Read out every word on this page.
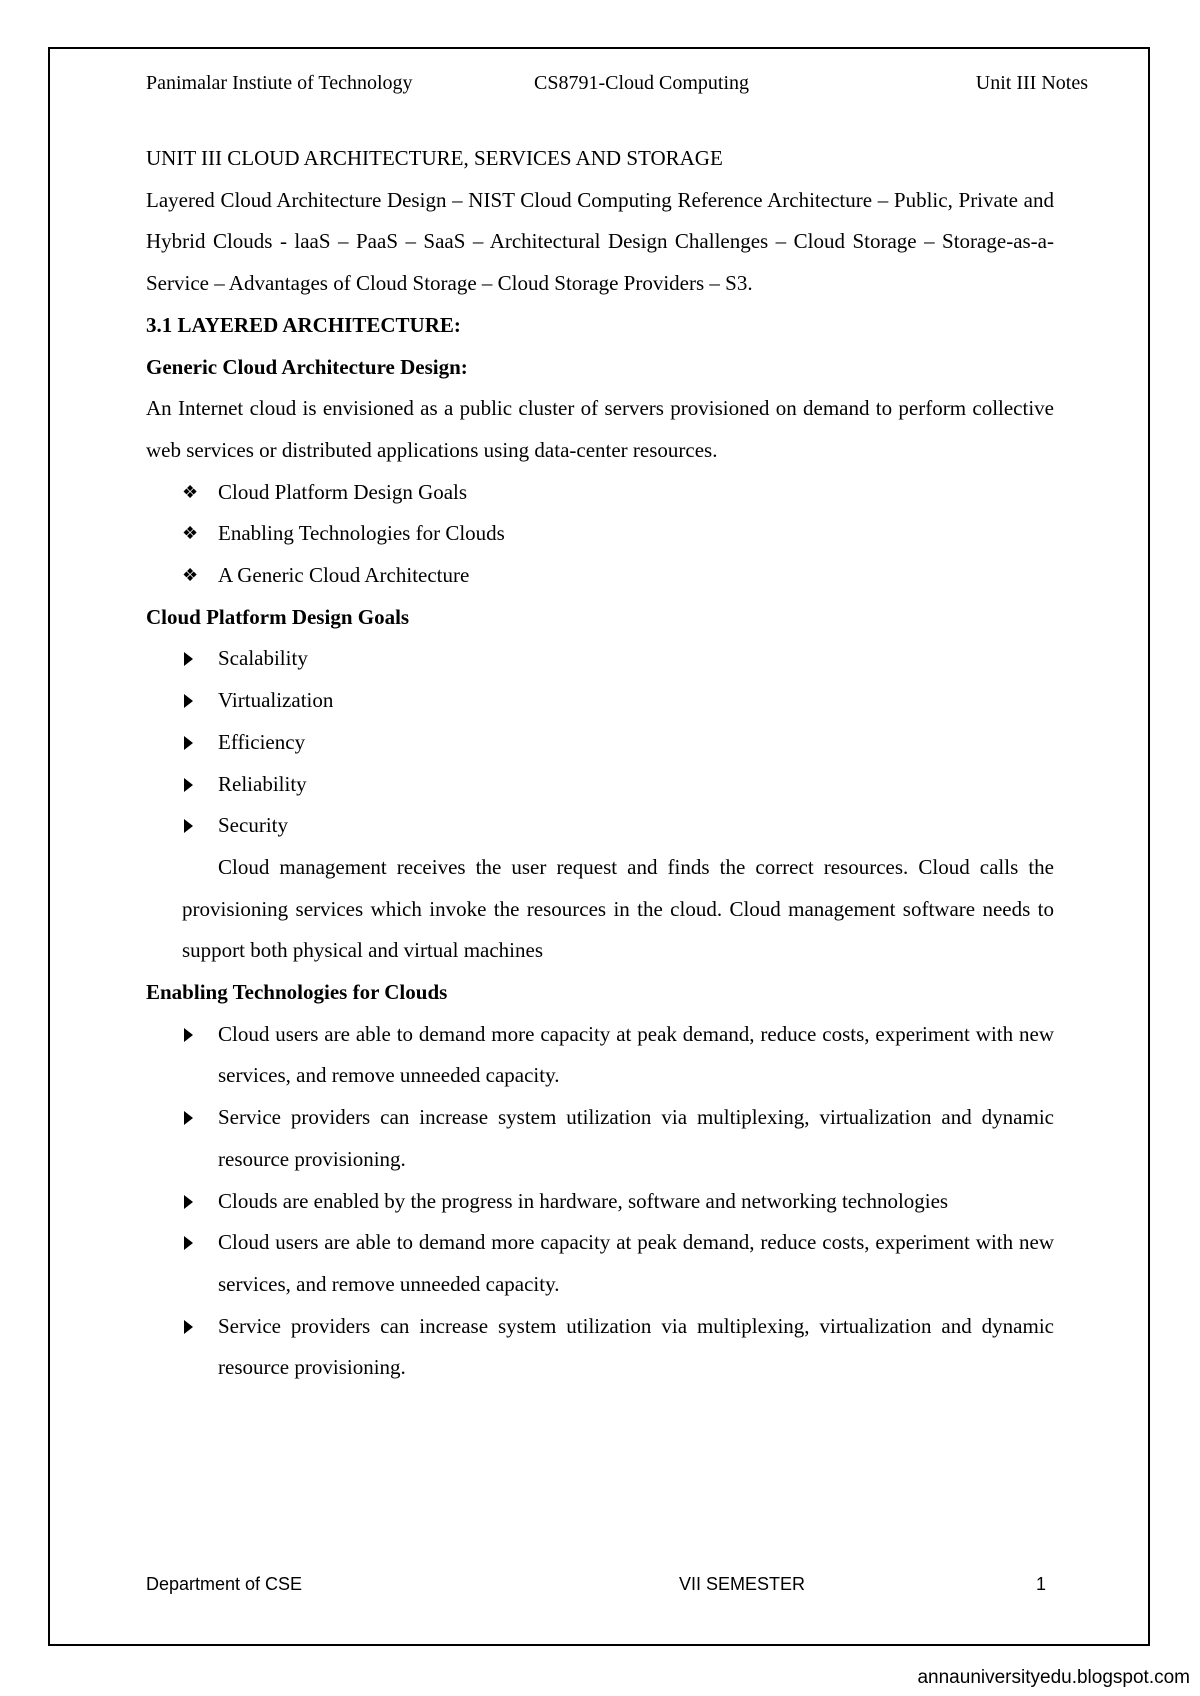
Panimalar Instiute of Technology	CS8791-Cloud Computing	Unit III Notes

UNIT III CLOUD ARCHITECTURE, SERVICES AND STORAGE

Layered Cloud Architecture Design – NIST Cloud Computing Reference Architecture – Public, Private and Hybrid Clouds - laaS – PaaS – SaaS – Architectural Design Challenges – Cloud Storage – Storage-as-a-Service – Advantages of Cloud Storage – Cloud Storage Providers – S3.

3.1 LAYERED ARCHITECTURE:

Generic Cloud Architecture Design:

An Internet cloud is envisioned as a public cluster of servers provisioned on demand to perform collective web services or distributed applications using data-center resources.

❖ Cloud Platform Design Goals
❖ Enabling Technologies for Clouds
❖ A Generic Cloud Architecture

Cloud Platform Design Goals

Scalability
Virtualization
Efficiency
Reliability
Security

Cloud management receives the user request and finds the correct resources. Cloud calls the provisioning services which invoke the resources in the cloud. Cloud management software needs to support both physical and virtual machines

Enabling Technologies for Clouds

Cloud users are able to demand more capacity at peak demand, reduce costs, experiment with new services, and remove unneeded capacity.
Service providers can increase system utilization via multiplexing, virtualization and dynamic resource provisioning.
Clouds are enabled by the progress in hardware, software and networking technologies
Cloud users are able to demand more capacity at peak demand, reduce costs, experiment with new services, and remove unneeded capacity.
Service providers can increase system utilization via multiplexing, virtualization and dynamic resource provisioning.
Department of CSE	VII SEMESTER	1
annauniversityedu.blogspot.com
